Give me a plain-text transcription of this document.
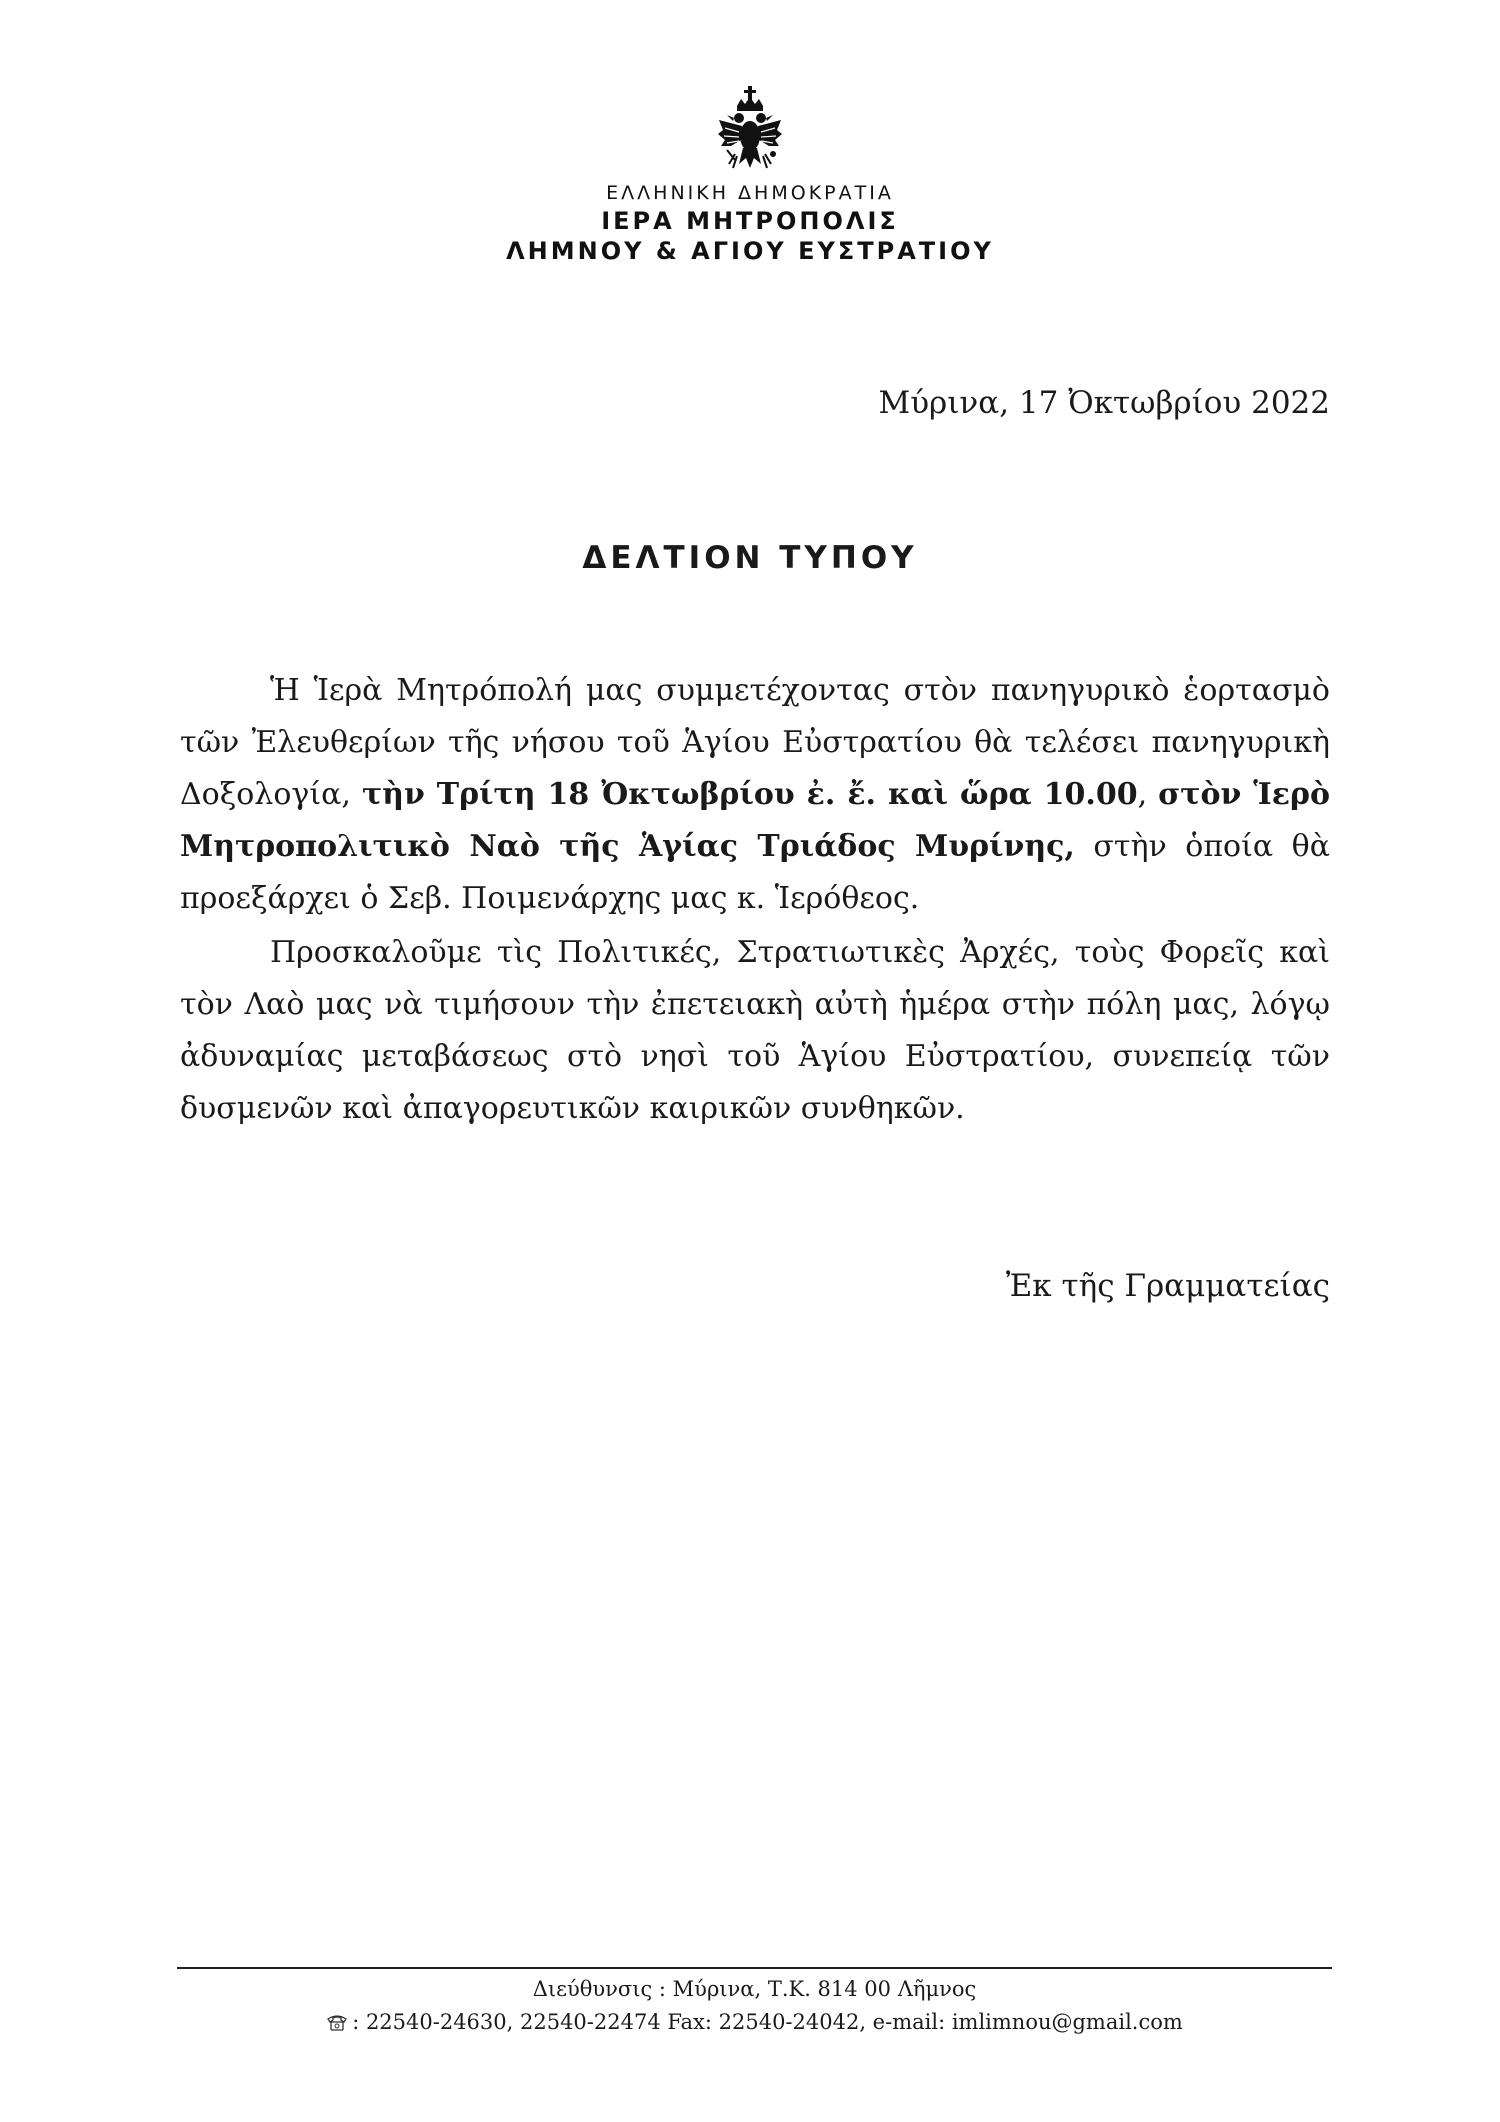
ΕΛΛΗΝΙΚΗ ΔΗΜΟΚΡΑΤΙΑ
ΙΕΡΑ ΜΗΤΡΟΠΟΛΙΣ
ΛΗΜΝΟΥ & ΑΓΙΟΥ ΕΥΣΤΡΑΤΙΟΥ
Μύρινα, 17 Ὀκτωβρίου 2022
ΔΕΛΤΙΟΝ ΤΥΠΟΥ

Ἡ Ἱερὰ Μητρόπολή μας συμμετέχοντας στὸν πανηγυρικὸ ἑορτασμὸ τῶν Ἐλευθερίων τῆς νήσου τοῦ Ἁγίου Εὐστρατίου θὰ τελέσει πανηγυρικὴ Δοξολογία, τὴν Τρίτη 18 Ὀκτωβρίου ἐ. ἔ. καὶ ὥρα 10.00, στὸν Ἱερὸ Μητροπολιτικὸ Ναὸ τῆς Ἁγίας Τριάδος Μυρίνης, στὴν ὁποία θὰ προεξάρχει ὁ Σεβ. Ποιμενάρχης μας κ. Ἱερόθεος.

Προσκαλοῦμε τὶς Πολιτικές, Στρατιωτικὲς Ἀρχές, τοὺς Φορεῖς καὶ τὸν Λαὸ μας νὰ τιμήσουν τὴν ἐπετειακὴ αὐτὴ ἡμέρα στὴν πόλη μας, λόγῳ ἀδυναμίας μεταβάσεως στὸ νησὶ τοῦ Ἁγίου Εὐστρατίου, συνεπείᾳ τῶν δυσμενῶν καὶ ἀπαγορευτικῶν καιρικῶν συνθηκῶν.

Ἐκ τῆς Γραμματείας
Διεύθυνσις : Μύρινα, Τ.Κ. 814 00 Λῆμνος
: 22540-24630, 22540-22474 Fax: 22540-24042, e-mail: imlimnou@gmail.com
